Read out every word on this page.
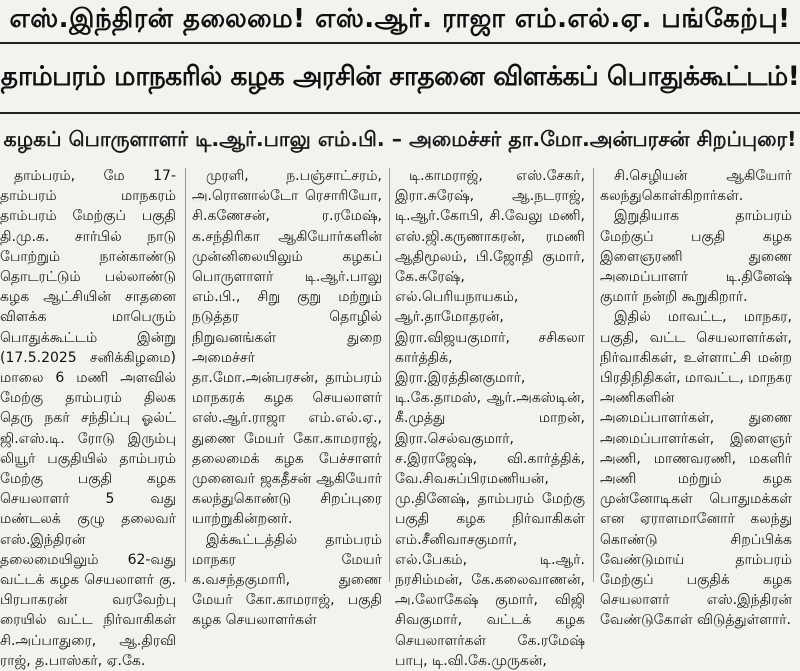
எஸ்.இந்திரன் தலைமை! எஸ்.ஆர். ராஜா எம்.எல்.ஏ. பங்கேற்பு!
தாம்பரம் மாநகரில் கழக அரசின் சாதனை விளக்கப் பொதுக்கூட்டம்!
கழகப் பொருளாளர் டி.ஆர்.பாலு எம்.பி. – அமைச்சர் தா.மோ.அன்பரசன் சிறப்புரை!

தாம்பரம், மே 17- தாம்பரம் மாநகரம் தாம்பரம் மேற்குப் பகுதி தி.மு.க. சார்பில் நாடு போற்றும் நான்காண்டு தொடரட்டும் பல்லாண்டு கழக ஆட்சியின் சாதனை விளக்க மாபெரும் பொதுக்கூட்டம் இன்று (17.5.2025 சனிக்கிழமை) மாலை 6 மணி அளவில் மேற்கு தாம்பரம் திலக தெரு நகர் சந்திப்பு ஓல்ட் ஜி.எஸ்.டி. ரோடு இரும்பு லியூர் பகுதியில் தாம்பரம் மேற்கு பகுதி கழக செயலாளர் 5 வது மண்டலக் குழு தலைவர் எஸ்.இந்திரன் தலைமையிலும் 62-வது வட்டக் கழக செயலாளர் கு. பிரபாகரன் வரவேற்பு ரையில் வட்ட நிர்வாகிகள் சி.அப்பாதுரை, ஆ.திரவி ராஜ், த.பாஸ்கர், ஏ.கே.

முரளி, ந.பஞ்சாட்சரம், அ.ரொனால்டோ ரெசாரியோ, சி.கணேசன், ர.ரமேஷ், க.சந்திரிகா ஆகியோர்களின் முன்னிலையிலும் கழகப் பொருளாளர் டி.ஆர்.பாலு எம்.பி., சிறு குறு மற்றும் நடுத்தர தொழில் நிறுவனங்கள் துறை அமைச்சர் தா.மோ.அன்பரசன், தாம்பரம் மாநகரக் கழக செயலாளர் எஸ்.ஆர்.ராஜா எம்.எல்.ஏ., துணை மேயர் கோ.காமராஜ், தலைமைக் கழக பேச்சாளர் முனைவர் ஜகதீசன் ஆகியோர் கலந்துகொண்டு சிறப்புரை யாற்றுகின்றனர்.

இக்கூட்டத்தில் தாம்பரம் மாநகர மேயர் க.வசந்தகுமாரி, துணை மேயர் கோ.காமராஜ், பகுதி கழக செயலாளர்கள்

டி.காமராஜ், எஸ்.சேகர், இரா.சுரேஷ், ஆ.நடராஜ், டி.ஆர்.கோபி, சி.வேலு மணி, எஸ்.ஜி.கருணாகரன், ரமணி ஆதிமூலம், பி.ஜோதி குமார், கே.சுரேஷ், எல்.பெரியநாயகம், ஆர்.தாமோதரன், இரா.விஜயகுமார், சசிகலா கார்த்திக், இரா.இரத்தினகுமார், டி.கே.தாமஸ், ஆர்.அகஸ்டின், கீ.முத்து மாறன், இரா.செல்வகுமார், ச.இராஜேஷ், வி.கார்த்திக், வே.சிவசுப்பிரமணியன், மு.தினேஷ், தாம்பரம் மேற்கு பகுதி கழக நிர்வாகிகள் எம்.சீனிவாசகுமார், எல்.பேகம், டி.ஆர். நரசிம்மன், கே.கலைவாணன், அ.லோகேஷ் குமார், விஜி சிவகுமார், வட்டக் கழக செயலாளர்கள் கே.ரமேஷ் பாபு, டி.வி.கே.முருகன்,

சி.செழியன் ஆகியோர் கலந்துகொள்கிறார்கள்.

இறுதியாக தாம்பரம் மேற்குப் பகுதி கழக இளைஞரணி துணை அமைப்பாளர் டி.தினேஷ் குமார் நன்றி கூறுகிறார்.

இதில் மாவட்ட, மாநகர, பகுதி, வட்ட செயலாளர்கள், நிர்வாகிகள், உள்ளாட்சி மன்ற பிரதிநிதிகள், மாவட்ட, மாநகர அணிகளின் அமைப்பாளர்கள், துணை அமைப்பாளர்கள், இளைஞர் அணி, மாணவரணி, மகளிர் அணி மற்றும் கழக முன்னோடிகள் பொதுமக்கள் என ஏராளமானோர் கலந்து கொண்டு சிறப்பிக்க வேண்டுமாய் தாம்பரம் மேற்குப் பகுதிக் கழக செயலாளர் எஸ்.இந்திரன் வேண்டுகோள் விடுத்துள்ளார்.
